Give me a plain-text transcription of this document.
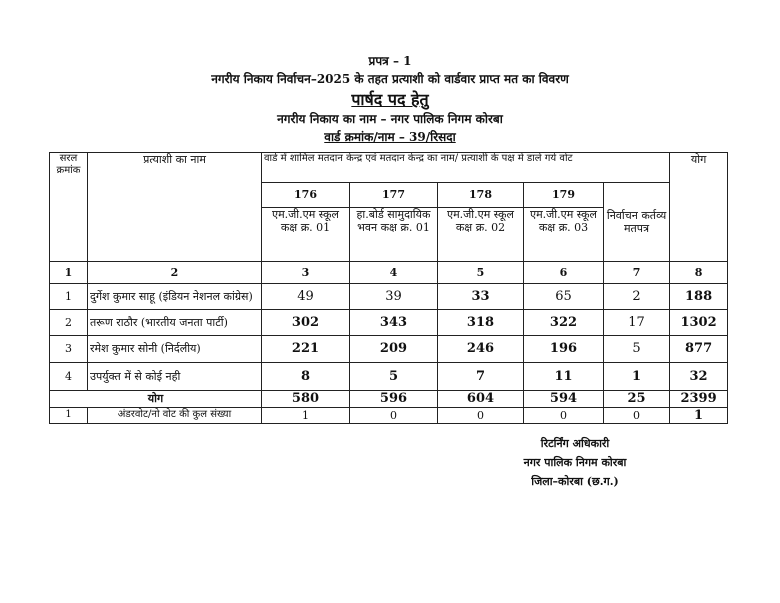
प्रपत्र – 1
नगरीय निकाय निर्वाचन–2025 के तहत प्रत्याशी को वार्डवार प्राप्त मत का विवरण
पार्षद पद हेतु
नगरीय निकाय का नाम – नगर पालिक निगम कोरबा
वार्ड क्रमांक/नाम – 39/रिसदा
सरल क्रमांक	प्रत्याशी का नाम	वार्ड में शामिल मतदान केन्द्र एवं मतदान केन्द्र का नाम/ प्रत्याशी के पक्ष मे डाले गये वोट					योग
		176	177	178	179	निर्वाचन कर्तव्य मतपत्र	
		एम.जी.एम स्कूल कक्ष क्र. 01	हा.बोर्ड सामुदायिक भवन कक्ष क्र. 01	एम.जी.एम स्कूल कक्ष क्र. 02	एम.जी.एम स्कूल कक्ष क्र. 03		
1	2	3	4	5	6	7	8
1	दुर्गेश कुमार साहू (इंडियन नेशनल कांग्रेस)	49	39	33	65	2	188
2	तरूण राठौर (भारतीय जनता पार्टी)	302	343	318	322	17	1302
3	रमेश कुमार सोनी (निर्दलीय)	221	209	246	196	5	877
4	उपर्युक्त में से कोई नही	8	5	7	11	1	32
योग		580	596	604	594	25	2399
1	अंडरवोट/नो वोट की कुल संख्या	1	0	0	0	0	1
रिटर्निंग अधिकारी
नगर पालिक निगम कोरबा
जिला–कोरबा (छ.ग.)
